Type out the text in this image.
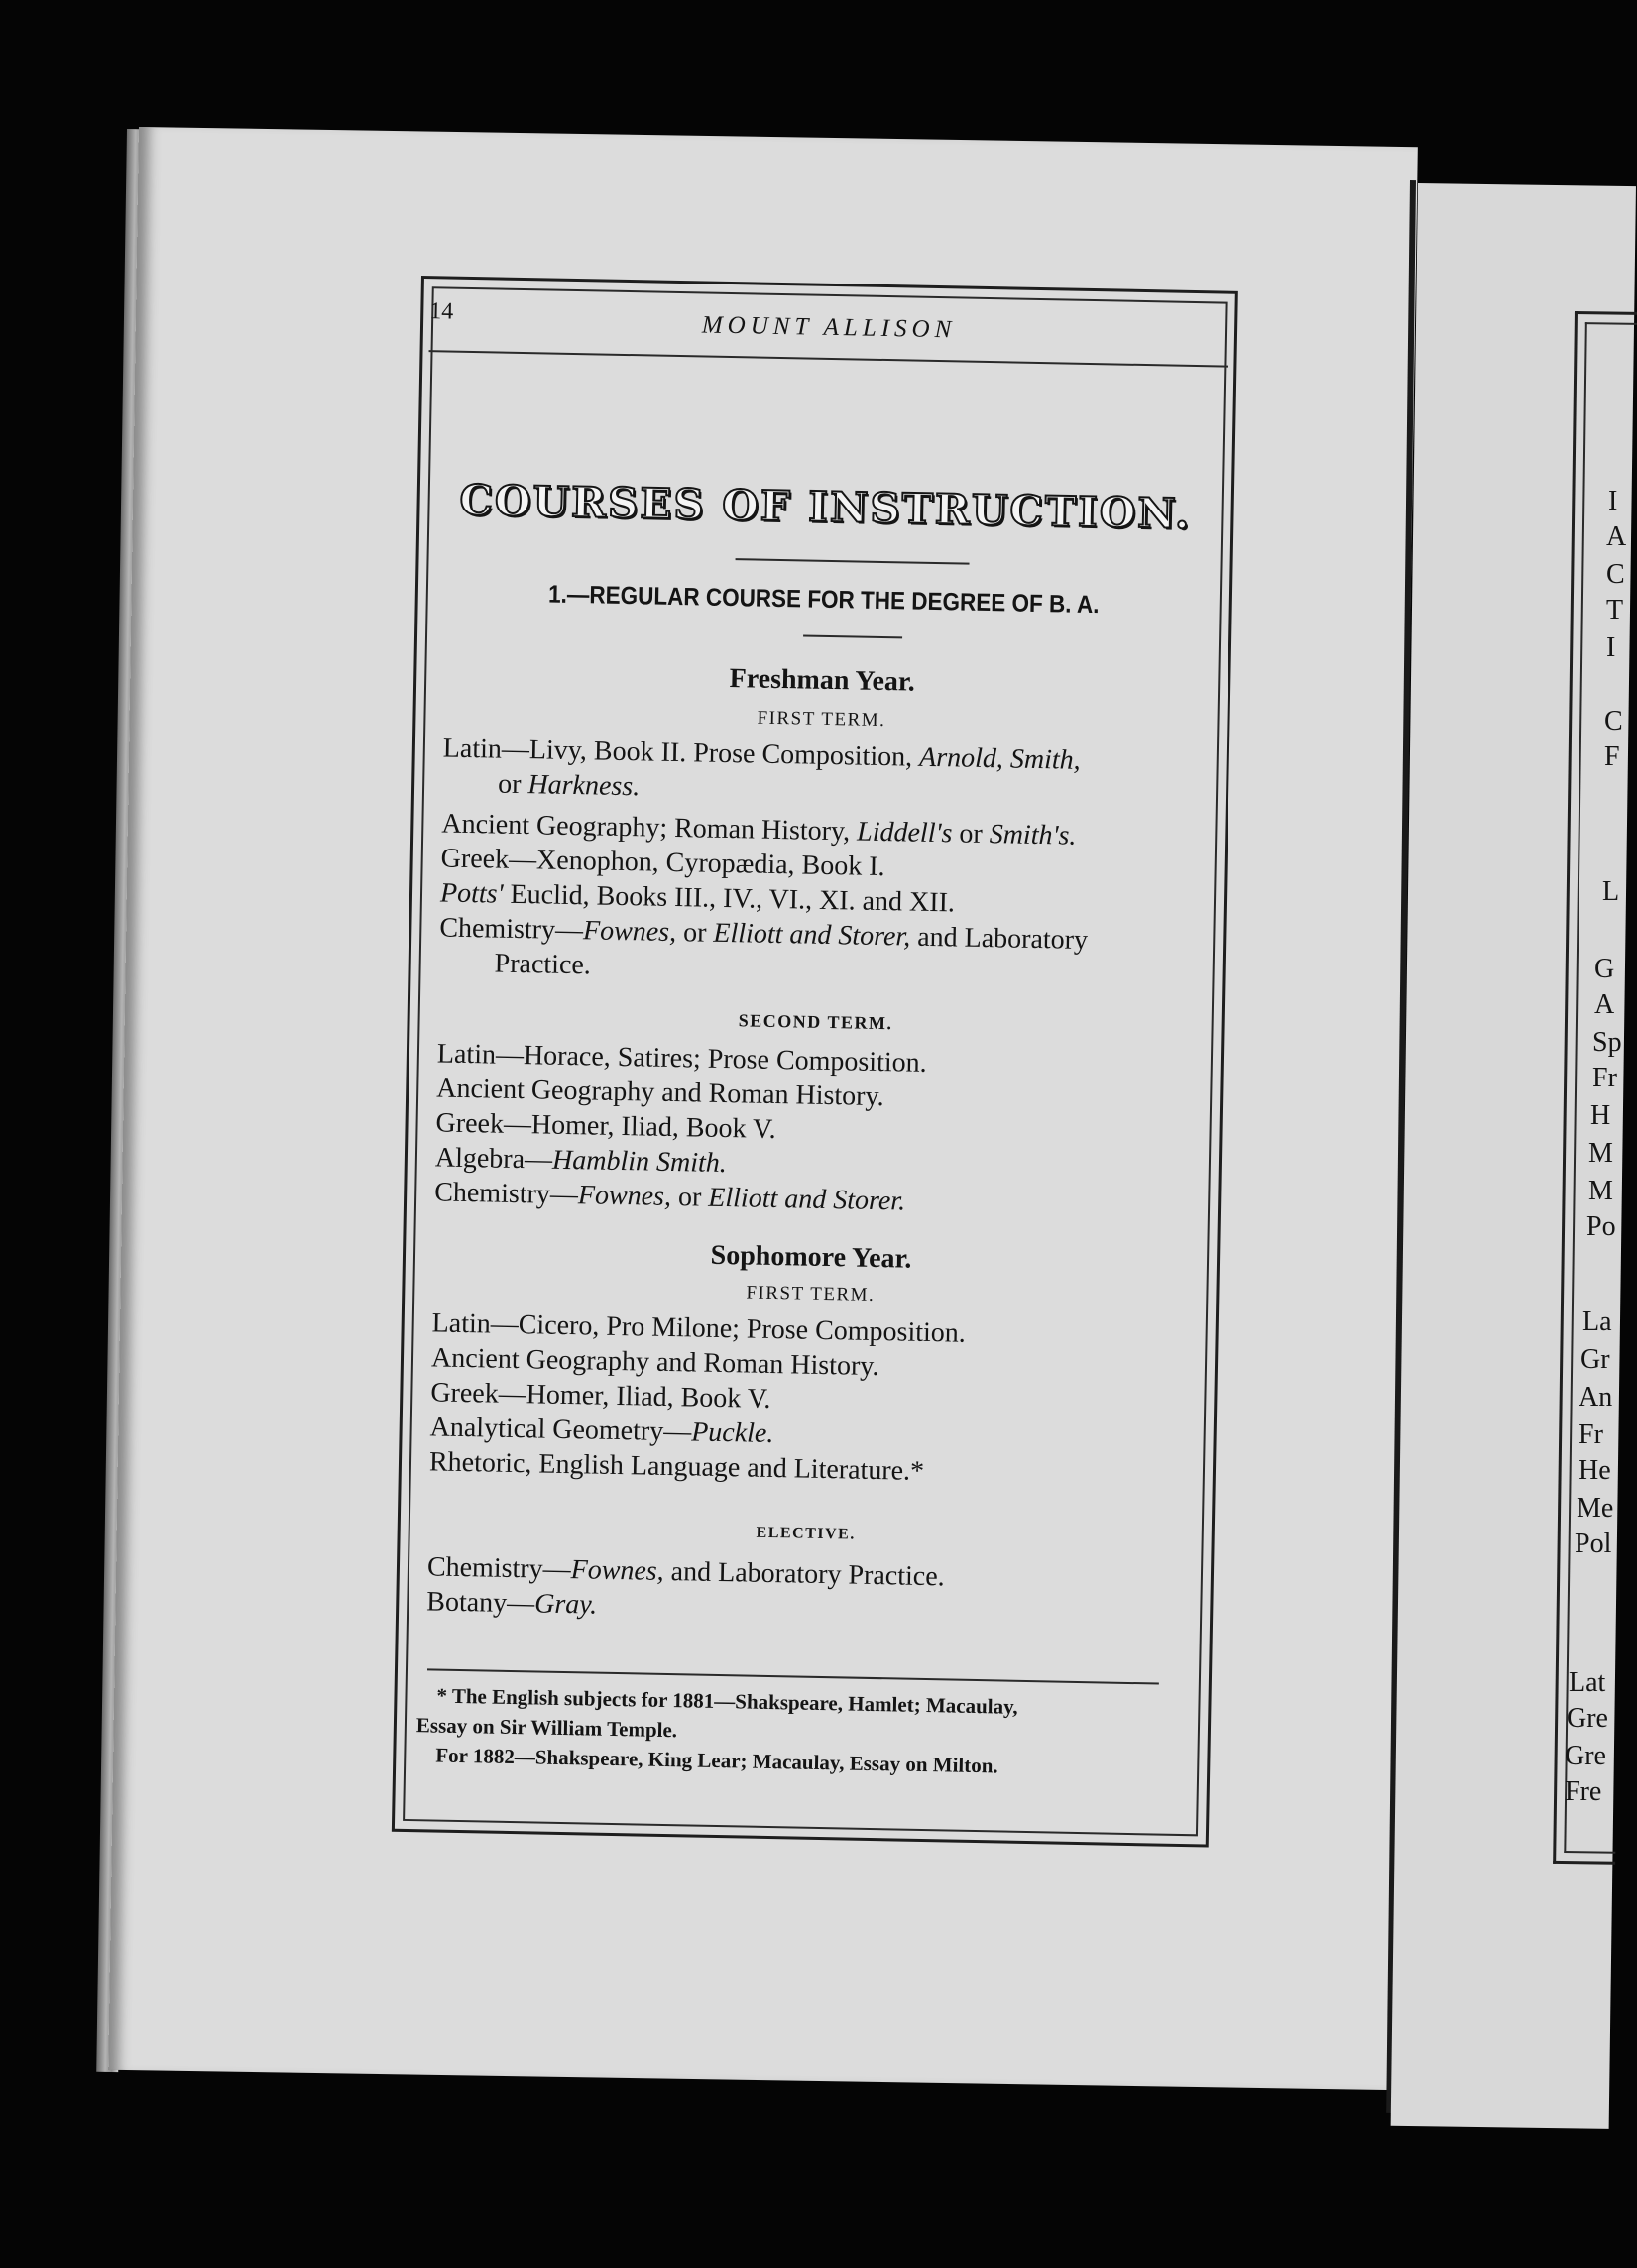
I
A
C
T
I
C
F
L
G
A
Sp
Fr
H
M
M
Po
La
Gr
An
Fr
He
Me
Pol
Lat
Gre
Gre
Fre
14
MOUNT ALLISON
COURSES OF INSTRUCTION.
1.—REGULAR COURSE FOR THE DEGREE OF B. A.
Freshman Year.
FIRST TERM.
Latin—Livy, Book II. Prose Composition, Arnold, Smith,
or Harkness.
Ancient Geography; Roman History, Liddell's or Smith's.
Greek—Xenophon, Cyropædia, Book I.
Potts' Euclid, Books III., IV., VI., XI. and XII.
Chemistry—Fownes, or Elliott and Storer, and Laboratory
Practice.
SECOND TERM.
Latin—Horace, Satires; Prose Composition.
Ancient Geography and Roman History.
Greek—Homer, Iliad, Book V.
Algebra—Hamblin Smith.
Chemistry—Fownes, or Elliott and Storer.
Sophomore Year.
FIRST TERM.
Latin—Cicero, Pro Milone; Prose Composition.
Ancient Geography and Roman History.
Greek—Homer, Iliad, Book V.
Analytical Geometry—Puckle.
Rhetoric, English Language and Literature.*
ELECTIVE.
Chemistry—Fownes, and Laboratory Practice.
Botany—Gray.
* The English subjects for 1881—Shakspeare, Hamlet; Macaulay,
Essay on Sir William Temple.
For 1882—Shakspeare, King Lear; Macaulay, Essay on Milton.
